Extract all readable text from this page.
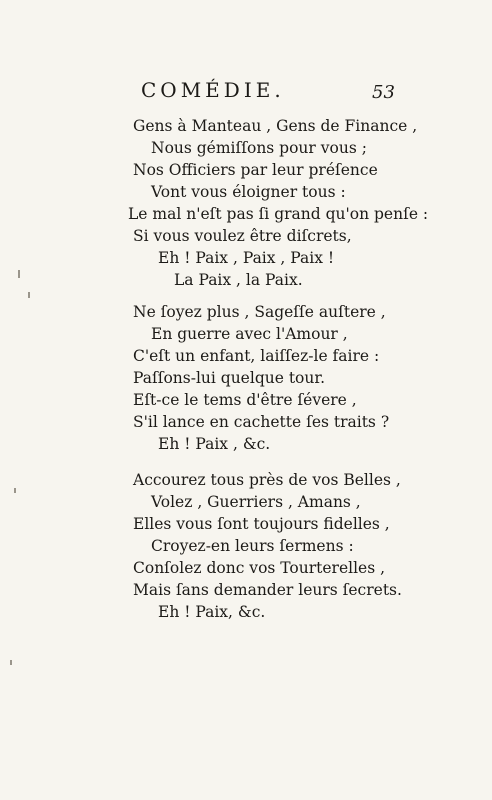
COMÉDIE.	53
Gens à Manteau , Gens de Finance ,
Nous gémiſſons pour vous ;
Nos Officiers par leur préſence
Vont vous éloigner tous :
Le mal n'eſt pas ſi grand qu'on penſe :
Si vous voulez être diſcrets,
Eh ! Paix , Paix , Paix !
La Paix , la Paix.
Ne ſoyez plus , Sageſſe auſtere ,
En guerre avec l'Amour ,
C'eſt un enfant, laiſſez-le faire :
Paſſons-lui quelque tour.
Eſt-ce le tems d'être ſévere ,
S'il lance en cachette ſes traits ?
Eh ! Paix , &c.
Accourez tous près de vos Belles ,
Volez , Guerriers , Amans ,
Elles vous ſont toujours fidelles ,
Croyez-en leurs ſermens :
Conſolez donc vos Tourterelles ,
Mais ſans demander leurs ſecrets.
Eh ! Paix, &c.
